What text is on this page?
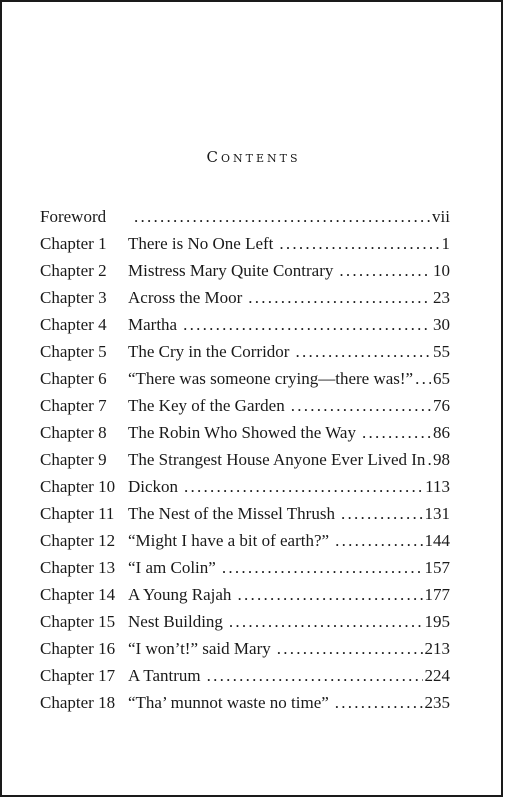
Contents
Foreword . . .	vii
Chapter 1	There is No One Left . . .	1
Chapter 2	Mistress Mary Quite Contrary . . .	10
Chapter 3	Across the Moor . . .	23
Chapter 4	Martha . . .	30
Chapter 5	The Cry in the Corridor . . .	55
Chapter 6	“There was someone crying—there was!” . . . 65
Chapter 7	The Key of the Garden . . .	76
Chapter 8	The Robin Who Showed the Way . . .	86
Chapter 9	The Strangest House Anyone Ever Lived In . . . 98
Chapter 10 Dickon . . .	113
Chapter 11 The Nest of the Missel Thrush . . .	131
Chapter 12 “Might I have a bit of earth?” . . .	144
Chapter 13 “I am Colin” . . .	157
Chapter 14 A Young Rajah . . .	177
Chapter 15 Nest Building . . .	195
Chapter 16 “I won’t!” said Mary . . .	213
Chapter 17 A Tantrum . . .	224
Chapter 18 “Tha’ munnot waste no time” . . .	235
